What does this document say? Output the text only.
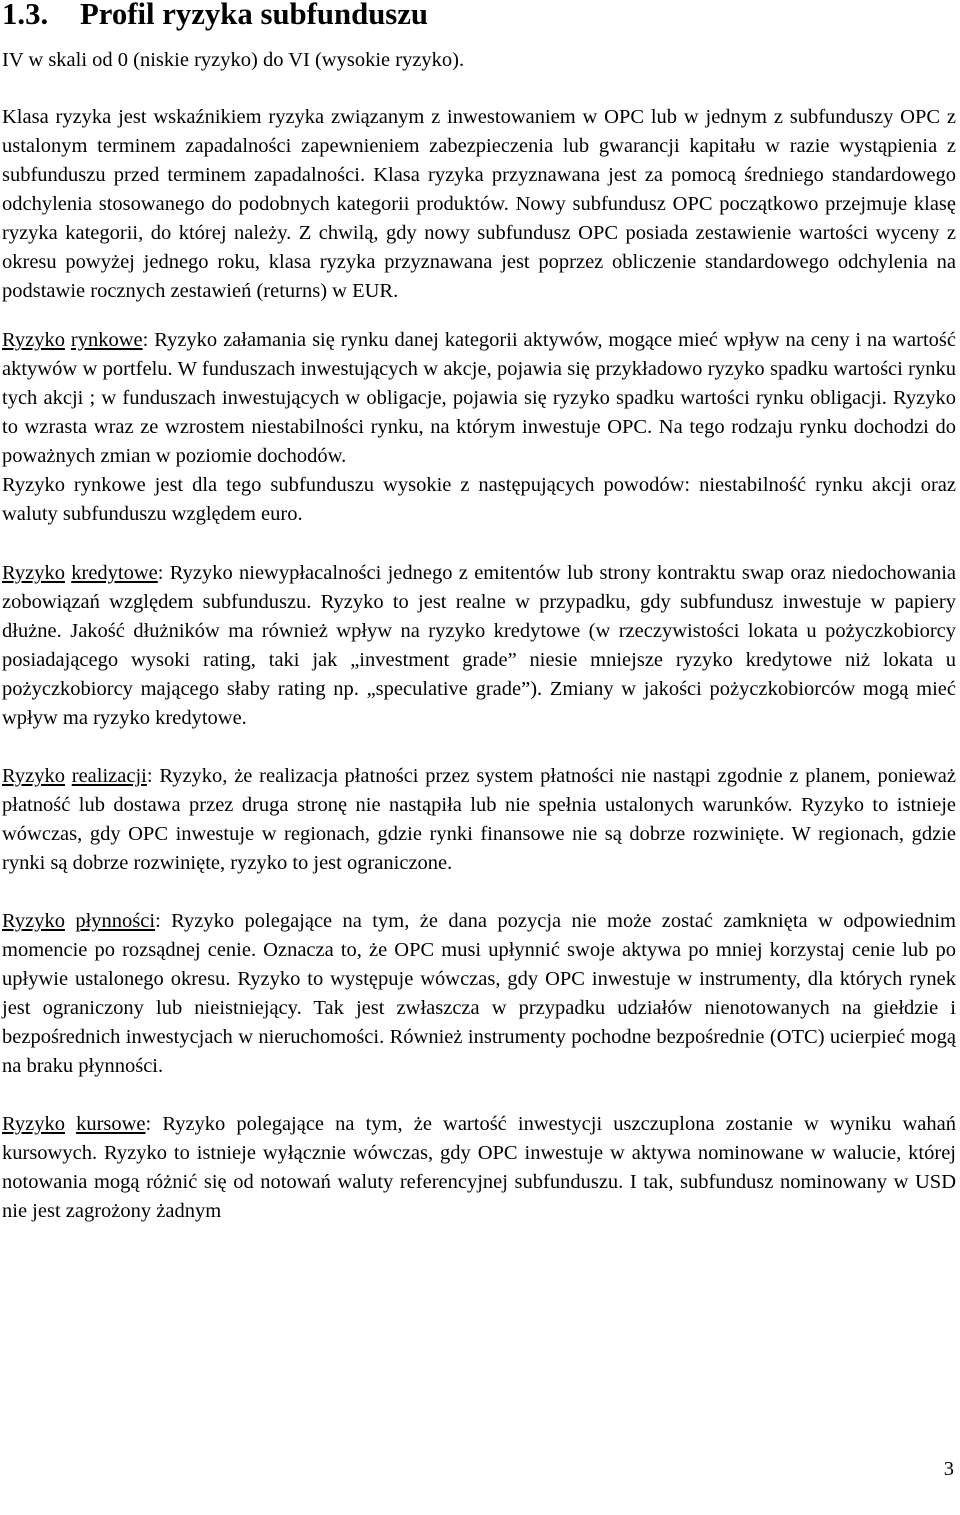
1.3. Profil ryzyka subfunduszu

IV w skali od 0 (niskie ryzyko) do VI (wysokie ryzyko).

Klasa ryzyka jest wskaźnikiem ryzyka związanym z inwestowaniem w OPC lub w jednym z subfunduszy OPC z ustalonym terminem zapadalności zapewnieniem zabezpieczenia lub gwarancji kapitału w razie wystąpienia z subfunduszu przed terminem zapadalności. Klasa ryzyka przyznawana jest za pomocą średniego standardowego odchylenia stosowanego do podobnych kategorii produktów. Nowy subfundusz OPC początkowo przejmuje klasę ryzyka kategorii, do której należy. Z chwilą, gdy nowy subfundusz OPC posiada zestawienie wartości wyceny z okresu powyżej jednego roku, klasa ryzyka przyznawana jest poprzez obliczenie standardowego odchylenia na podstawie rocznych zestawień (returns) w EUR.

Ryzyko rynkowe: Ryzyko załamania się rynku danej kategorii aktywów, mogące mieć wpływ na ceny i na wartość aktywów w portfelu. W funduszach inwestujących w akcje, pojawia się przykładowo ryzyko spadku wartości rynku tych akcji ; w funduszach inwestujących w obligacje, pojawia się ryzyko spadku wartości rynku obligacji. Ryzyko to wzrasta wraz ze wzrostem niestabilności rynku, na którym inwestuje OPC. Na tego rodzaju rynku dochodzi do poważnych zmian w poziomie dochodów.

Ryzyko rynkowe jest dla tego subfunduszu wysokie z następujących powodów: niestabilność rynku akcji oraz waluty subfunduszu względem euro.

Ryzyko kredytowe: Ryzyko niewypłacalności jednego z emitentów lub strony kontraktu swap oraz niedochowania zobowiązań względem subfunduszu. Ryzyko to jest realne w przypadku, gdy subfundusz inwestuje w papiery dłużne. Jakość dłużników ma również wpływ na ryzyko kredytowe (w rzeczywistości lokata u pożyczkobiorcy posiadającego wysoki rating, taki jak „investment grade” niesie mniejsze ryzyko kredytowe niż lokata u pożyczkobiorcy mającego słaby rating np. „speculative grade”). Zmiany w jakości pożyczkobiorców mogą mieć wpływ ma ryzyko kredytowe.

Ryzyko realizacji: Ryzyko, że realizacja płatności przez system płatności nie nastąpi zgodnie z planem, ponieważ płatność lub dostawa przez druga stronę nie nastąpiła lub nie spełnia ustalonych warunków. Ryzyko to istnieje wówczas, gdy OPC inwestuje w regionach, gdzie rynki finansowe nie są dobrze rozwinięte. W regionach, gdzie rynki są dobrze rozwinięte, ryzyko to jest ograniczone.

Ryzyko płynności: Ryzyko polegające na tym, że dana pozycja nie może zostać zamknięta w odpowiednim momencie po rozsądnej cenie. Oznacza to, że OPC musi upłynnić swoje aktywa po mniej korzystaj cenie lub po upływie ustalonego okresu. Ryzyko to występuje wówczas, gdy OPC inwestuje w instrumenty, dla których rynek jest ograniczony lub nieistniejący. Tak jest zwłaszcza w przypadku udziałów nienotowanych na giełdzie i bezpośrednich inwestycjach w nieruchomości. Również instrumenty pochodne bezpośrednie (OTC) ucierpieć mogą na braku płynności.

Ryzyko kursowe: Ryzyko polegające na tym, że wartość inwestycji uszczuplona zostanie w wyniku wahań kursowych. Ryzyko to istnieje wyłącznie wówczas, gdy OPC inwestuje w aktywa nominowane w walucie, której notowania mogą różnić się od notowań waluty referencyjnej subfunduszu. I tak, subfundusz nominowany w USD nie jest zagrożony żadnym

3
